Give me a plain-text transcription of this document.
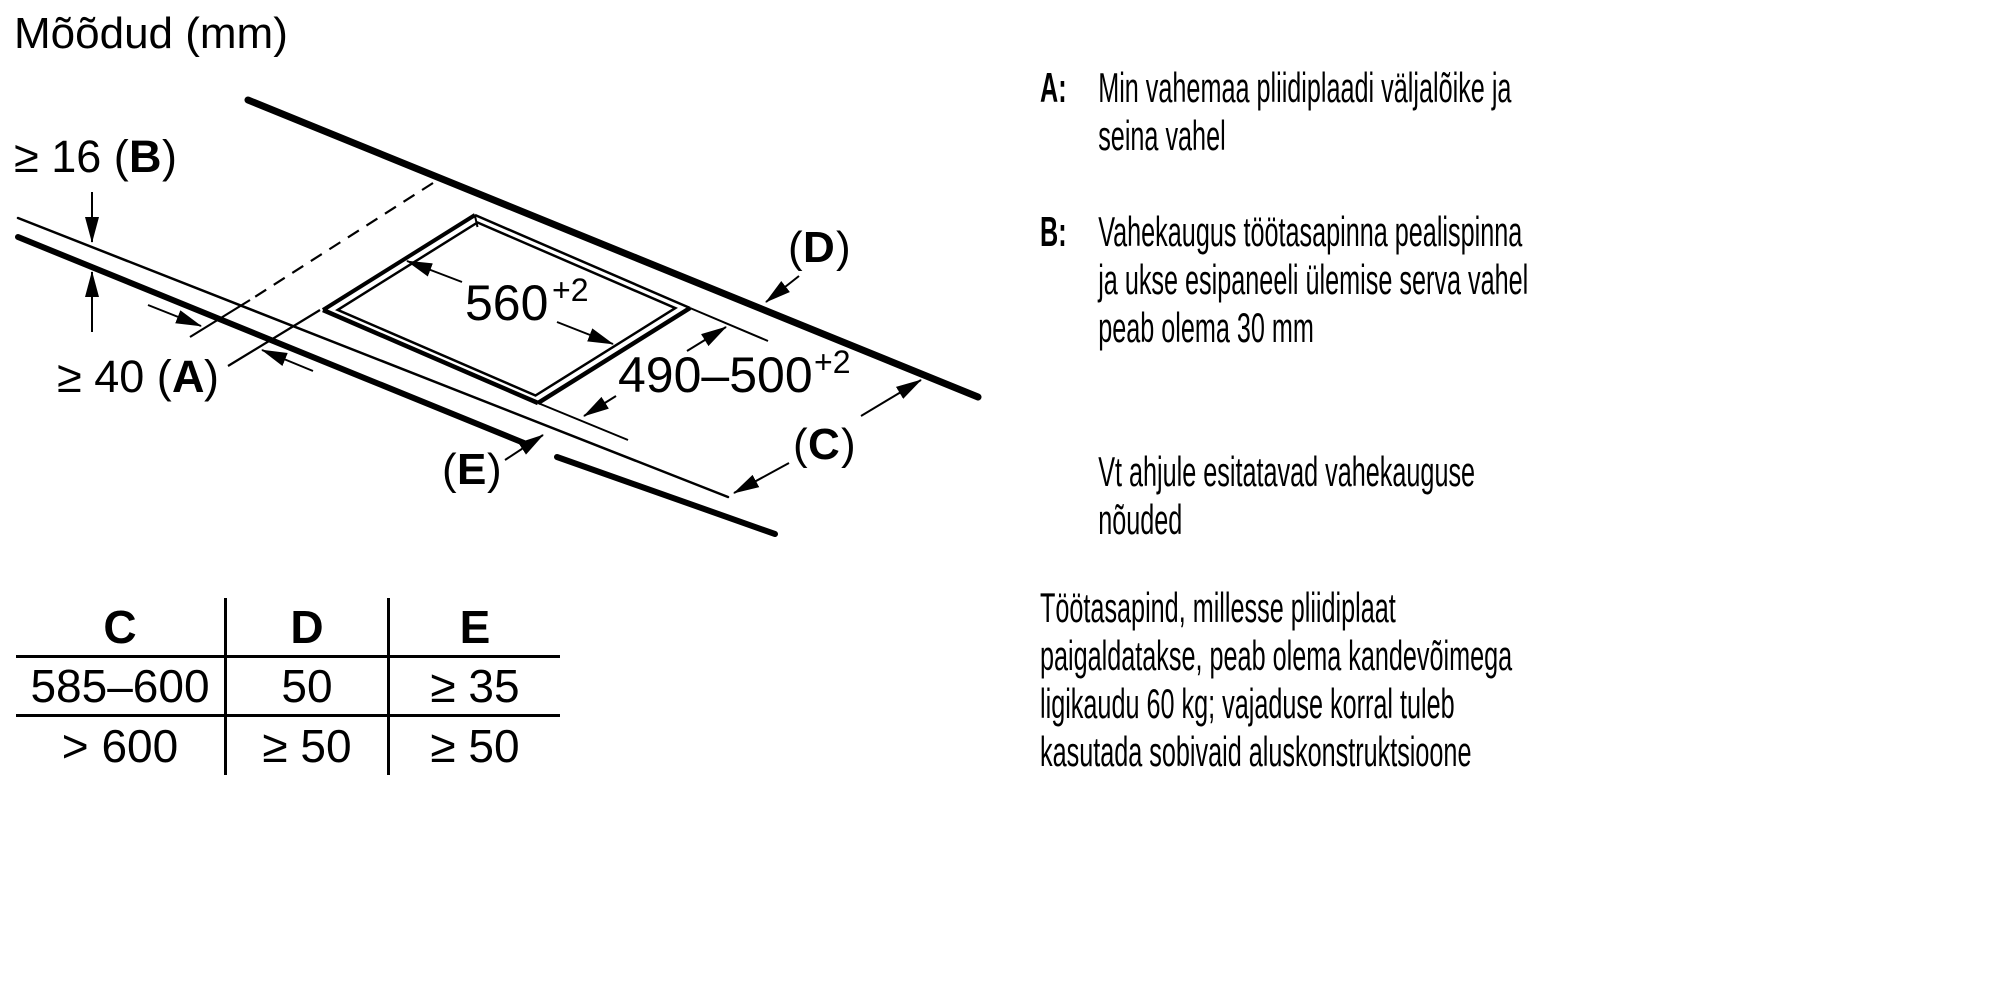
Mõõdud (mm)
≥ 16 ( B )
≥ 40 ( A )
560 +2
490–500 +2
( D )
( C )
( E )
C	D	E
585–600	50	≥ 35
> 600	≥ 50	≥ 50
A: Min vahemaa pliidiplaadi väljalõike ja
seina vahel
B: Vahekaugus töötasapinna pealispinna
ja ukse esipaneeli ülemise serva vahel
peab olema 30 mm
Vt ahjule esitatavad vahekauguse
nõuded
Töötasapind, millesse pliidiplaat
paigaldatakse, peab olema kandevõimega
ligikaudu 60 kg; vajaduse korral tuleb
kasutada sobivaid aluskonstruktsioone
